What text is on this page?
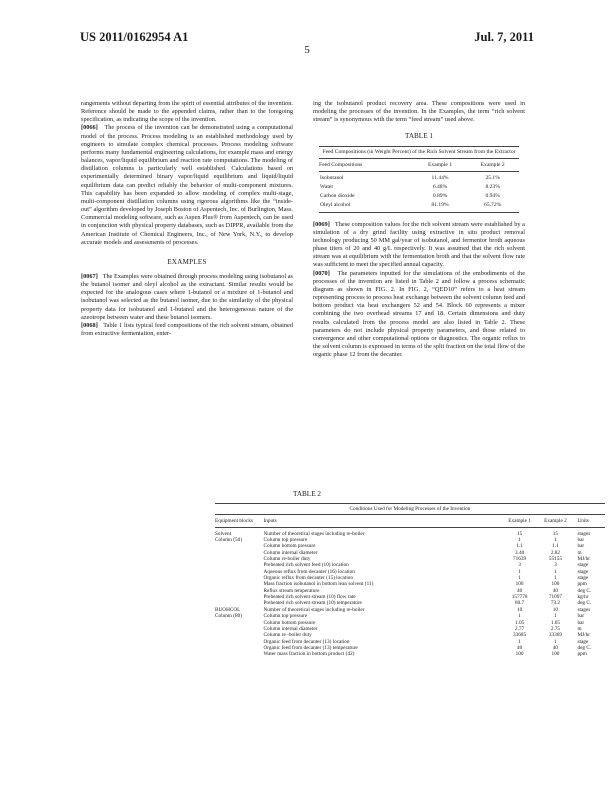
US 2011/0162954 A1	Jul. 7, 2011
5

rangements without departing from the spirit of essential attributes of the invention. Reference should be made to the appended claims, rather than to the foregoing specification, as indicating the scope of the invention.

[0066] The process of the invention can be demonstrated using a computational model of the process. Process modeling is an established methodology used by engineers to simulate complex chemical processes. Process modeling software performs many fundamental engineering calculations, for example mass and energy balances, vapor/liquid equilibrium and reaction rate computations. The modeling of distillation columns is particularly well established. Calculations based on experimentally determined binary vapor/liquid equilibrium and liquid/liquid equilibrium data can predict reliably the behavior of multi-component mixtures. This capability has been expanded to allow modeling of complex multi-stage, multi-component distillation columns using rigorous algorithms like the “inside-out” algorithm developed by Joseph Boston of Aspentech, Inc. of Burlington, Mass. Commercial modeling software, such as Aspen Plus® from Aspentech, can be used in conjunction with physical property databases, such as DIPPR, available from the American Institute of Chemical Engineers, Inc., of New York, N.Y., to develop accurate models and assessments of processes.

EXAMPLES

[0067] The Examples were obtained through process modeling using isobutanol as the butanol isomer and oleyl alcohol as the extractant. Similar results would be expected for the analogous cases where 1-butanol or a mixture of 1-butanol and isobutanol was selected as the butanol isomer, due to the similarity of the physical property data for isobutanol and 1-butanol and the heterogeneous nature of the azeotrope between water and these butanol isomers.

[0068] Table 1 lists typical feed compositions of the rich solvent stream, obtained from extractive fermentation, enter-

ing the isobutanol product recovery area. These compositions were used in modeling the processes of the invention. In the Examples, the term “rich solvent stream” is synonymous with the term “feed stream” used above.

TABLE 1
Feed Compositions (in Weight Percent) of the Rich Solvent Stream from the Extractor		
Feed Compositions	Example 1	Example 2
Isobutanol	11.44%	25.1%
Water	6.48%	8.23%
Carbon dioxide	0.89%	0.94%
Oleyl alcohol	81.19%	65.72%

[0069] These composition values for the rich solvent stream were established by a simulation of a dry grind facility using extractive in situ product removal technology producing 50 MM gal/year of isobutanol, and fermentor broth aqueous phase titers of 20 and 40 g/L respectively. It was assumed that the rich solvent stream was at equilibrium with the fermentation broth and that the solvent flow rate was sufficient to meet the specified annual capacity.

[0070] The parameters inputted for the simulations of the embodiments of the processes of the invention are listed in Table 2 and follow a process schematic diagram as shown in FIG. 2. In FIG. 2, “QED10” refers to a heat stream representing process to process heat exchange between the solvent column feed and bottom product via heat exchangers 52 and 54. Block 60 represents a mixer combining the two overhead streams 17 and 18. Certain dimensions and duty results calculated from the process model are also listed in Table 2. These parameters do not include physical property parameters, and those related to convergence and other computational options or diagnostics. The organic reflux to the solvent column is expressed in terms of the split fraction on the total flow of the organic phase 12 from the decanter.

TABLE 2
Conditions Used for Modeling Processes of the Invention				
Equipment blocks	Inputs	Example 1	Example 2	Units
Solvent	Number of theoretical stages including re-boiler	15	15	stages
Column (50)	Column top pressure	1	1	bar
	Column bottom pressure	1.1	1.1	bar
	Column internal diameter	3.40	2.82	m
	Column re-boiler duty	71639	55155	MJ/hr
	Preheated rich solvent feed (10) location	3	3	stage
	Aqueous reflux from decanter (16) location	1	1	stage
	Organic reflux from decanter (15) location	1	1	stage
	Mass fraction isobutanol in bottom lean solvent (11)	100	100	ppm
	Reflux stream temperature	40	40	deg C.
	Preheated rich solvent stream (10) flow rate	157778	71097	kg/hr
	Preheated rich solvent stream (10) temperature	80.7	73.2	deg C.
BUOHCOL	Number of theoretical stages including re-boiler	10	10	stages
Column (80)	Column top pressure	1	1	bar
	Column bottom pressure	1.05	1.05	bar
	Column internal diameter	2.77	2.75	m
	Column re -boiler duty	33685	33369	MJ/hr
	Organic feed from decanter (13) location	1	1	stage
	Organic feed from decanter (13) temperature	40	40	deg C.
	Water mass fraction in bottom product (42)	100	100	ppm
